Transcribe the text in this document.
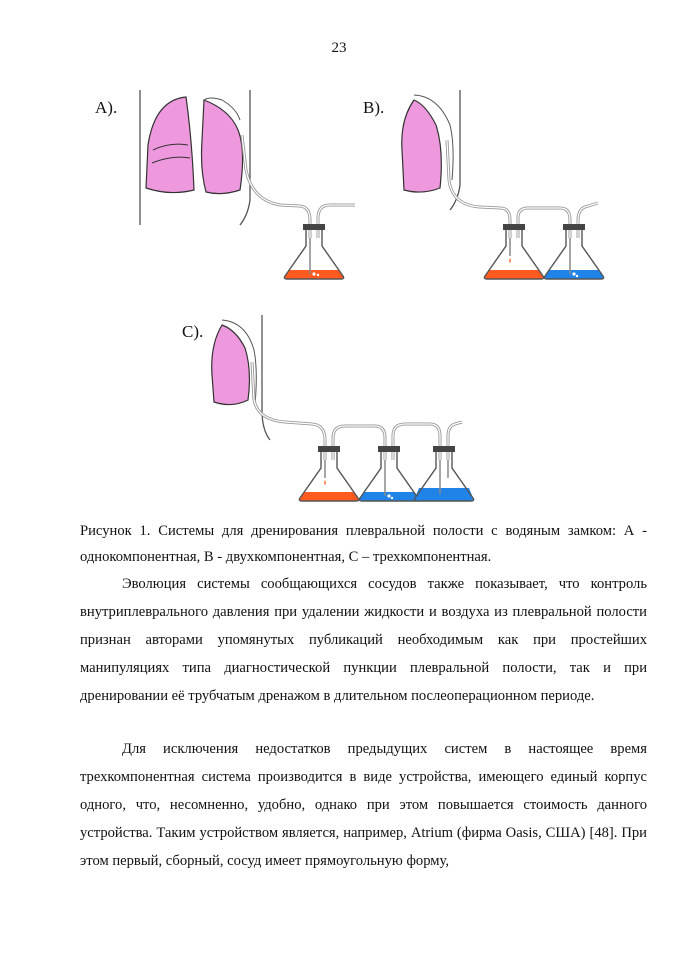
23
A).	B).
C).
Рисунок 1. Системы для дренирования плевральной полости с водяным замком: А - однокомпонентная, В - двухкомпонентная, С – трехкомпонентная.

Эволюция системы сообщающихся сосудов также показывает, что контроль внутриплеврального давления при удалении жидкости и воздуха из плевральной полости признан авторами упомянутых публикаций необходимым как при простейших манипуляциях типа диагностической пункции плевральной полости, так и при дренировании её трубчатым дренажом в длительном послеоперационном периоде.

Для исключения недостатков предыдущих систем в настоящее время трехкомпонентная система производится в виде устройства, имеющего единый корпус одного, что, несомненно, удобно, однако при этом повышается стоимость данного устройства. Таким устройством является, например, Atrium (фирма Oasis, США) [48]. При этом первый, сборный, сосуд имеет прямоугольную форму,
